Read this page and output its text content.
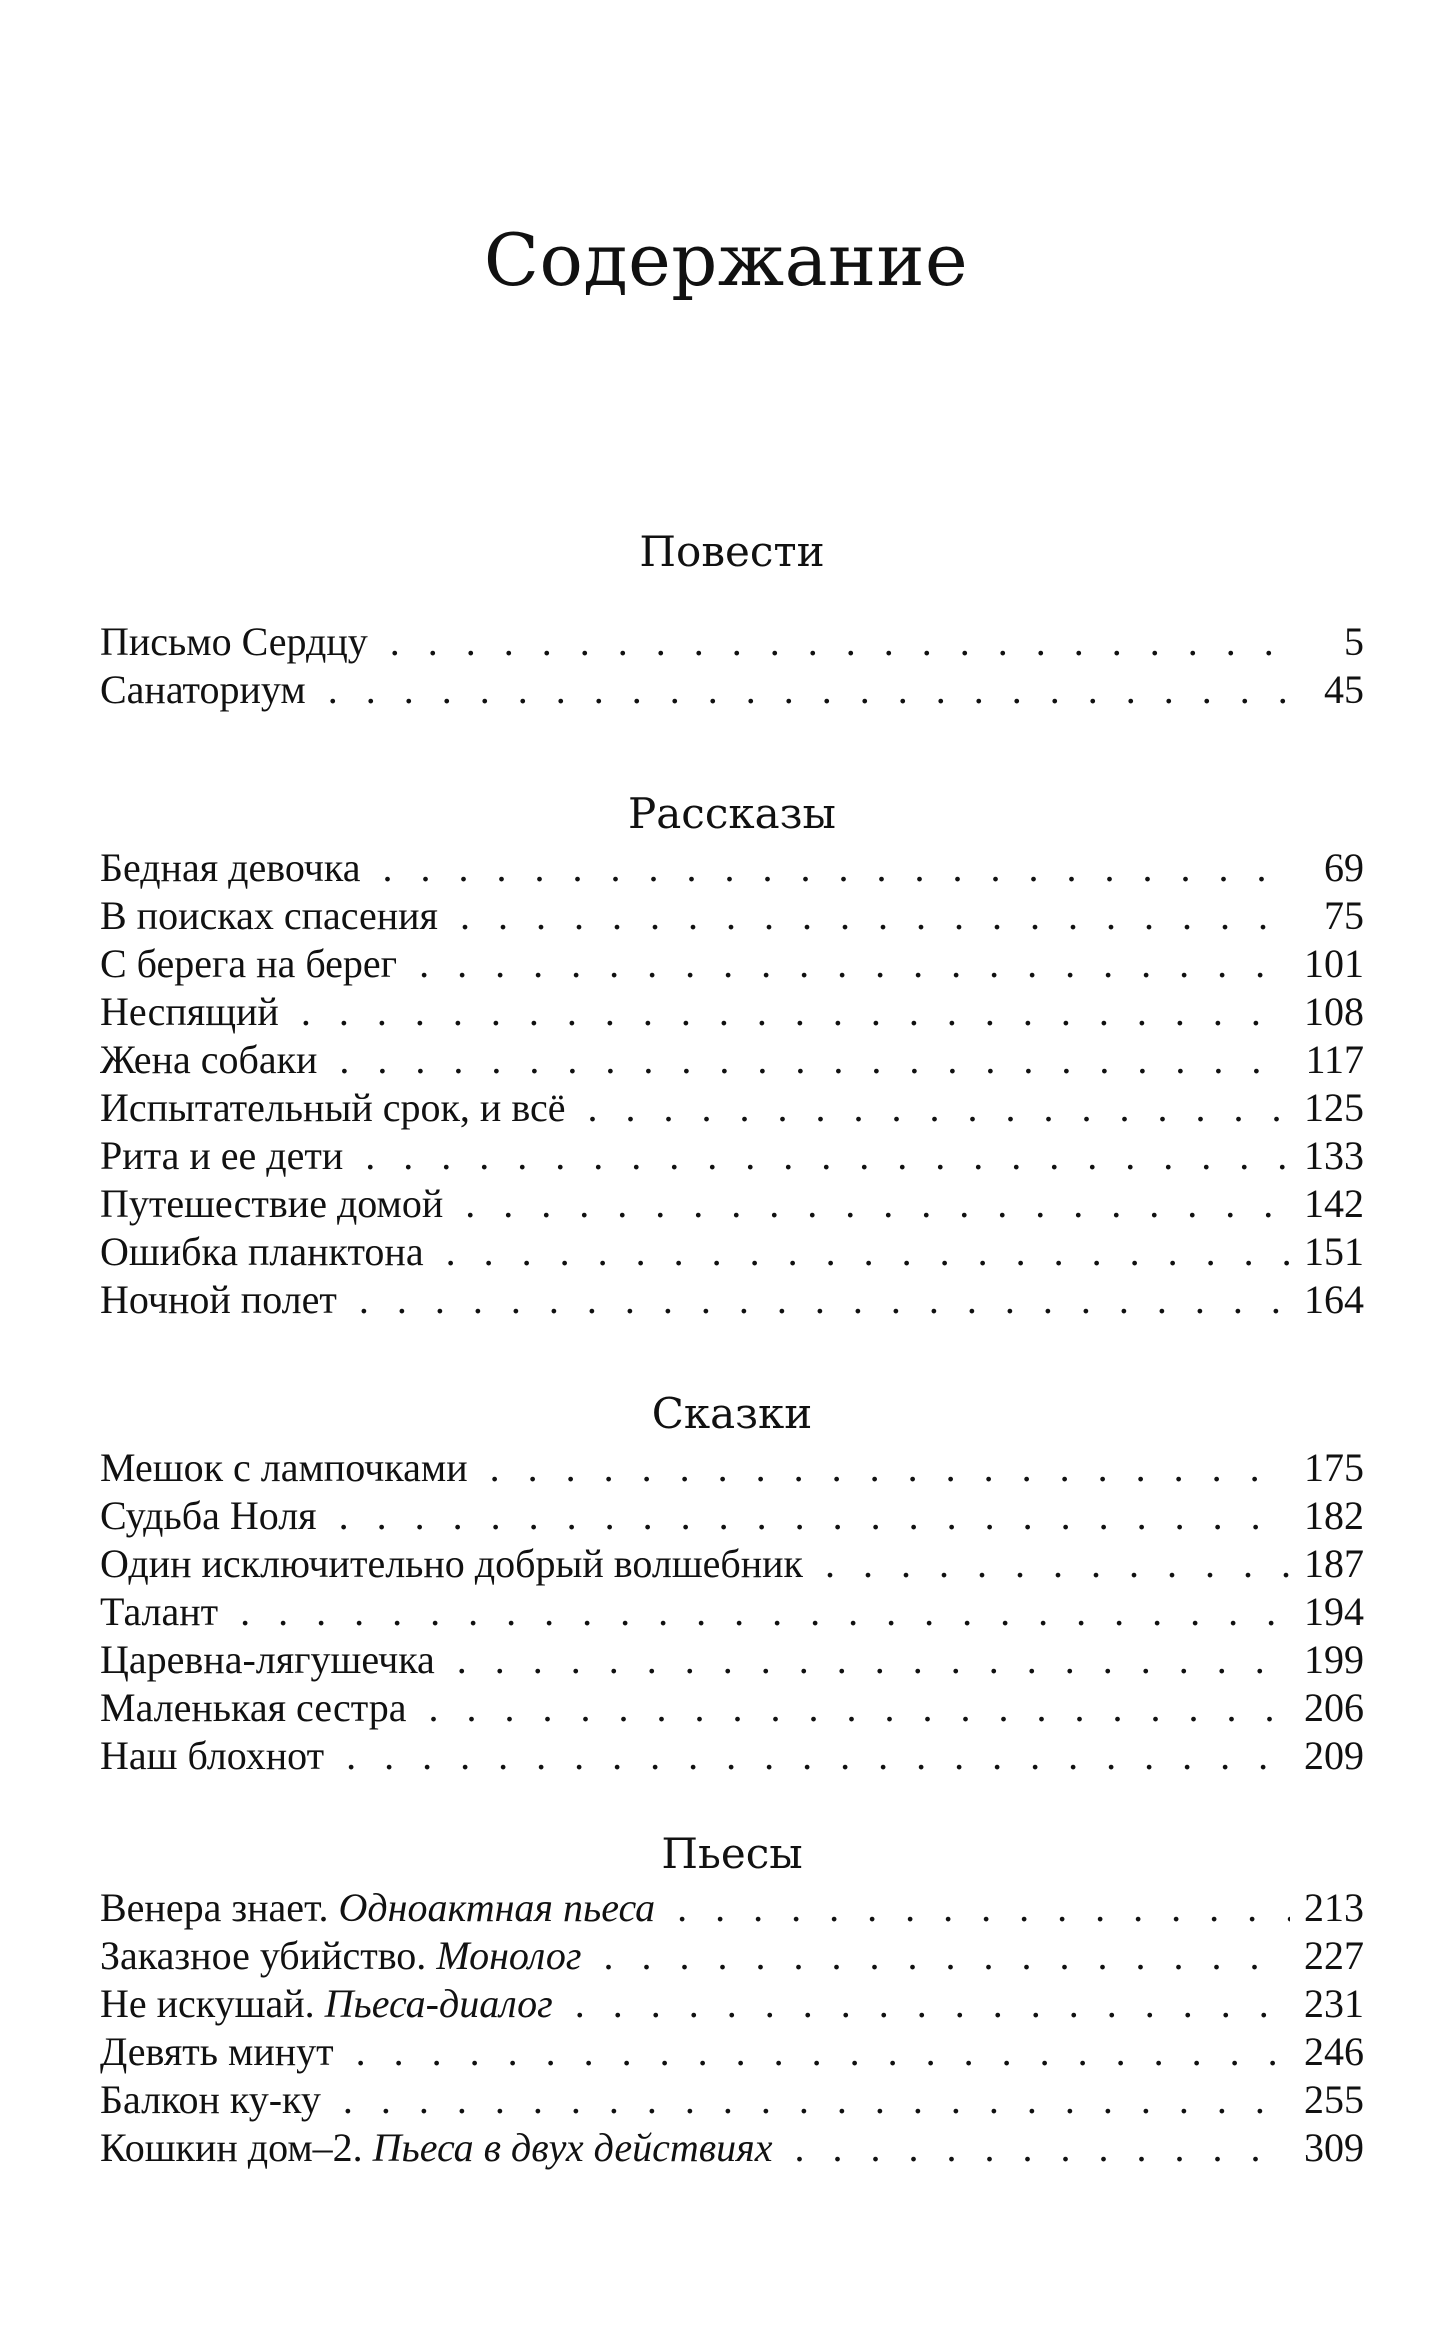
Содержание
Повести
Письмо Сердцу . . .	5
Санаториум . . .	45
Рассказы
Бедная девочка . . .	69
В поисках спасения . . .	75
С берега на берег . . .	101
Неспящий . . .	108
Жена собаки . . .	117
Испытательный срок, и всё . . .	125
Рита и ее дети . . .	133
Путешествие домой . . .	142
Ошибка планктона . . .	151
Ночной полет . . .	164
Сказки
Мешок с лампочками . . .	175
Судьба Ноля . . .	182
Один исключительно добрый волшебник . . .	187
Талант . . .	194
Царевна-лягушечка . . .	199
Маленькая сестра . . .	206
Наш блохнот . . .	209
Пьесы
Венера знает. Одноактная пьеса . . .	213
Заказное убийство. Монолог . . .	227
Не искушай. Пьеса-диалог . . .	231
Девять минут . . .	246
Балкон ку-ку . . .	255
Кошкин дом–2. Пьеса в двух действиях . . .	309
